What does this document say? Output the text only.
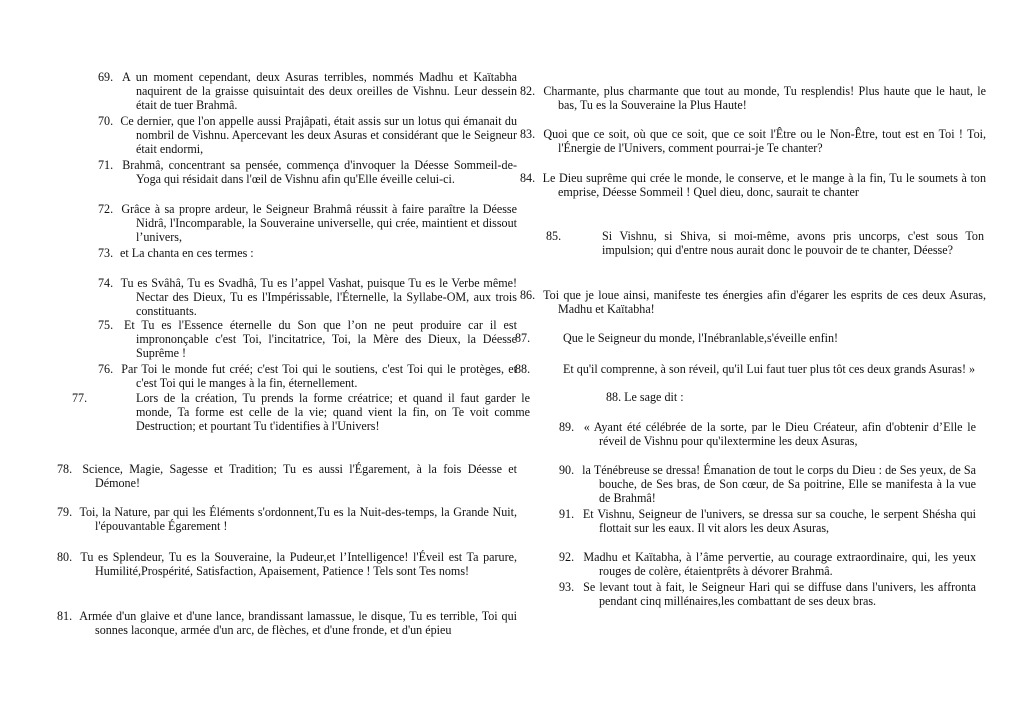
69. A un moment cependant, deux Asuras terribles, nommés Madhu et Kaïtabha naquirent de la graisse quisuintait des deux oreilles de Vishnu. Leur dessein était de tuer Brahmâ.
70. Ce dernier, que l'on appelle aussi Prajâpati, était assis sur un lotus qui émanait du nombril de Vishnu. Apercevant les deux Asuras et considérant que le Seigneur était endormi,
71. Brahmâ, concentrant sa pensée, commença d'invoquer la Déesse Sommeil-de-Yoga qui résidait dans l'œil de Vishnu afin qu'Elle éveille celui-ci.
72. Grâce à sa propre ardeur, le Seigneur Brahmâ réussit à faire paraître la Déesse Nidrâ, l'Incomparable, la Souveraine universelle, qui crée, maintient et dissout l’univers,
73. et La chanta en ces termes :
74. Tu es Svâhâ, Tu es Svadhâ, Tu es l’appel Vashat, puisque Tu es le Verbe même! Nectar des Dieux, Tu es l'Impérissable, l'Éternelle, la Syllabe-OM, aux trois constituants.
75. Et Tu es l'Essence éternelle du Son que l’on ne peut produire car il est imprononçable c'est Toi, l'incitatrice, Toi, la Mère des Dieux, la Déesse Suprême !
76. Par Toi le monde fut créé; c'est Toi qui le soutiens, c'est Toi qui le protèges, et c'est Toi qui le manges à la fin, éternellement.
77.	Lors de la création, Tu prends la forme créatrice; et quand il faut garder le monde, Ta forme est celle de la vie; quand vient la fin, on Te voit comme Destruction; et pourtant Tu t'identifies à l'Univers!
78. Science, Magie, Sagesse et Tradition; Tu es aussi l'Égarement, à la fois Déesse et Démone!
79. Toi, la Nature, par qui les Éléments s'ordonnent,Tu es la Nuit-des-temps, la Grande Nuit, l'épouvantable Égarement !
80. Tu es Splendeur, Tu es la Souveraine, la Pudeur,et l’Intelligence! l'Éveil est Ta parure, Humilité,Prospérité, Satisfaction, Apaisement, Patience ! Tels sont Tes noms!
81. Armée d'un glaive et d'une lance, brandissant lamassue, le disque, Tu es terrible, Toi qui sonnes laconque, armée d'un arc, de flèches, et d'une fronde, et d'un épieu
82. Charmante, plus charmante que tout au monde, Tu resplendis! Plus haute que le haut, le bas, Tu es la Souveraine la Plus Haute!
83. Quoi que ce soit, où que ce soit, que ce soit l'Être ou le Non-Être, tout est en Toi ! Toi, l'Énergie de l'Univers, comment pourrai-je Te chanter?
84. Le Dieu suprême qui crée le monde, le conserve, et le mange à la fin, Tu le soumets à ton emprise, Déesse Sommeil ! Quel dieu, donc, saurait te chanter
85.	Si Vishnu, si Shiva, si moi-même, avons pris uncorps, c'est sous Ton impulsion; qui d'entre nous aurait donc le pouvoir de te chanter, Déesse?
86. Toi que je loue ainsi, manifeste tes énergies afin d'égarer les esprits de ces deux Asuras, Madhu et Kaïtabha!
87.	Que le Seigneur du monde, l'Inébranlable,s'éveille enfin!
88.	Et qu'il comprenne, à son réveil, qu'il Lui faut tuer plus tôt ces deux grands Asuras! »
88. Le sage dit :
89. « Ayant été célébrée de la sorte, par le Dieu Créateur, afin d'obtenir d’Elle le réveil de Vishnu pour qu'ilextermine les deux Asuras,
90. la Ténébreuse se dressa! Émanation de tout le corps du Dieu : de Ses yeux, de Sa bouche, de Ses bras, de Son cœur, de Sa poitrine, Elle se manifesta à la vue de Brahmâ!
91. Et Vishnu, Seigneur de l'univers, se dressa sur sa couche, le serpent Shésha qui flottait sur les eaux. Il vit alors les deux Asuras,
92. Madhu et Kaïtabha, à l’âme pervertie, au courage extraordinaire, qui, les yeux rouges de colère, étaientprêts à dévorer Brahmâ.
93. Se levant tout à fait, le Seigneur Hari qui se diffuse dans l'univers, les affronta pendant cinq millénaires,les combattant de ses deux bras.
